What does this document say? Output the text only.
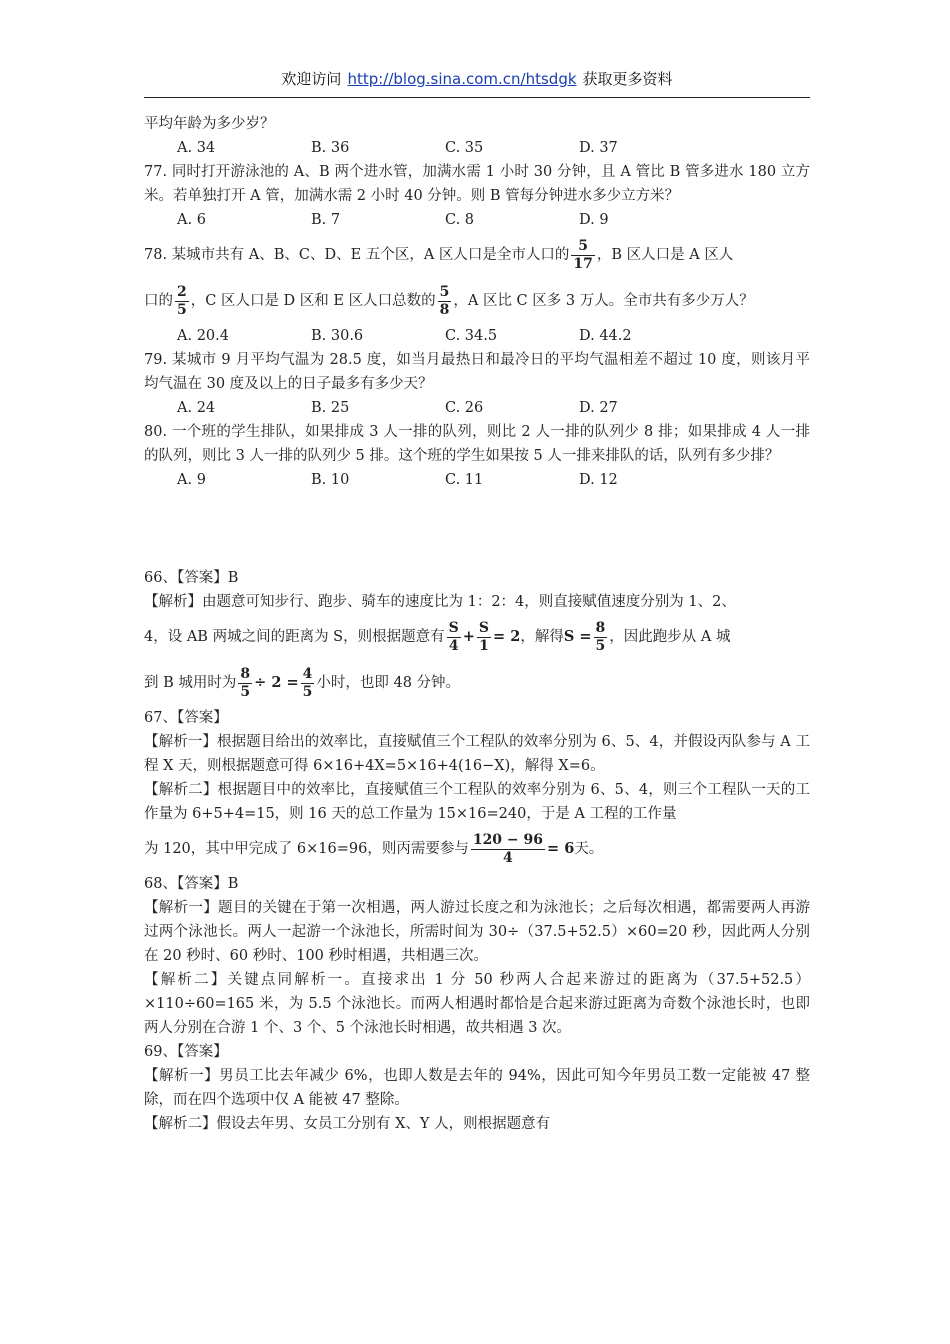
欢迎访问 http://blog.sina.com.cn/htsdgk 获取更多资料

平均年龄为多少岁？

A. 34	B. 36	C. 35	D. 37

77. 同时打开游泳池的 A、B 两个进水管，加满水需 1 小时 30 分钟，且 A 管比 B 管多进水 180 立方米。若单独打开 A 管，加满水需 2 小时 40 分钟。则 B 管每分钟进水多少立方米？

A. 6	B. 7	C. 8	D. 9

78. 某城市共有 A、B、C、D、E 五个区，A 区人口是全市人口的 $\frac{5}{17}$ ，B 区人口是 A 区人

口的 $\frac{2}{5}$ ，C 区人口是 D 区和 E 区人口总数的 $\frac{5}{8}$ ，A 区比 C 区多 3 万人。全市共有多少万人？

A. 20.4	B. 30.6	C. 34.5	D. 44.2

79. 某城市 9 月平均气温为 28.5 度，如当月最热日和最冷日的平均气温相差不超过 10 度，则该月平均气温在 30 度及以上的日子最多有多少天？

A. 24	B. 25	C. 26	D. 27

80. 一个班的学生排队，如果排成 3 人一排的队列，则比 2 人一排的队列少 8 排；如果排成 4 人一排的队列，则比 3 人一排的队列少 5 排。这个班的学生如果按 5 人一排来排队的话，队列有多少排？

A. 9	B. 10	C. 11	D. 12

66、【答案】B

【解析】由题意可知步行、跑步、骑车的速度比为 1：2：4，则直接赋值速度分别为 1、2、

4，设 AB 两城之间的距离为 S，则根据题意有 $\frac{S}{4} + \frac{S}{1} = 2$，解得$S = \frac{8}{5}$ ，因此跑步从 A 城

到 B 城用时为 $\frac{8}{5} \div 2 = \frac{4}{5}$ 小时，也即 48 分钟。

67、【答案】

【解析一】根据题目给出的效率比，直接赋值三个工程队的效率分别为 6、5、4，并假设丙队参与 A 工程 X 天，则根据题意可得 6×16+4X=5×16+4(16−X)，解得 X=6。

【解析二】根据题目中的效率比，直接赋值三个工程队的效率分别为 6、5、4，则三个工程队一天的工作量为 6+5+4=15，则 16 天的总工作量为 15×16=240，于是 A 工程的工作量

为 120，其中甲完成了 6×16=96，则丙需要参与 $\frac{120 - 96}{4} = 6$天。

68、【答案】B

【解析一】题目的关键在于第一次相遇，两人游过长度之和为泳池长；之后每次相遇，都需要两人再游过两个泳池长。两人一起游一个泳池长，所需时间为 30÷（37.5+52.5）×60=20 秒，因此两人分别在 20 秒时、60 秒时、100 秒时相遇，共相遇三次。

【解析二】关键点同解析一。直接求出 1 分 50 秒两人合起来游过的距离为（37.5+52.5）×110÷60=165 米，为 5.5 个泳池长。而两人相遇时都恰是合起来游过距离为奇数个泳池长时，也即两人分别在合游 1 个、3 个、5 个泳池长时相遇，故共相遇 3 次。

69、【答案】

【解析一】男员工比去年减少 6%，也即人数是去年的 94%，因此可知今年男员工数一定能被 47 整除，而在四个选项中仅 A 能被 47 整除。

【解析二】假设去年男、女员工分别有 X、Y 人，则根据题意有
